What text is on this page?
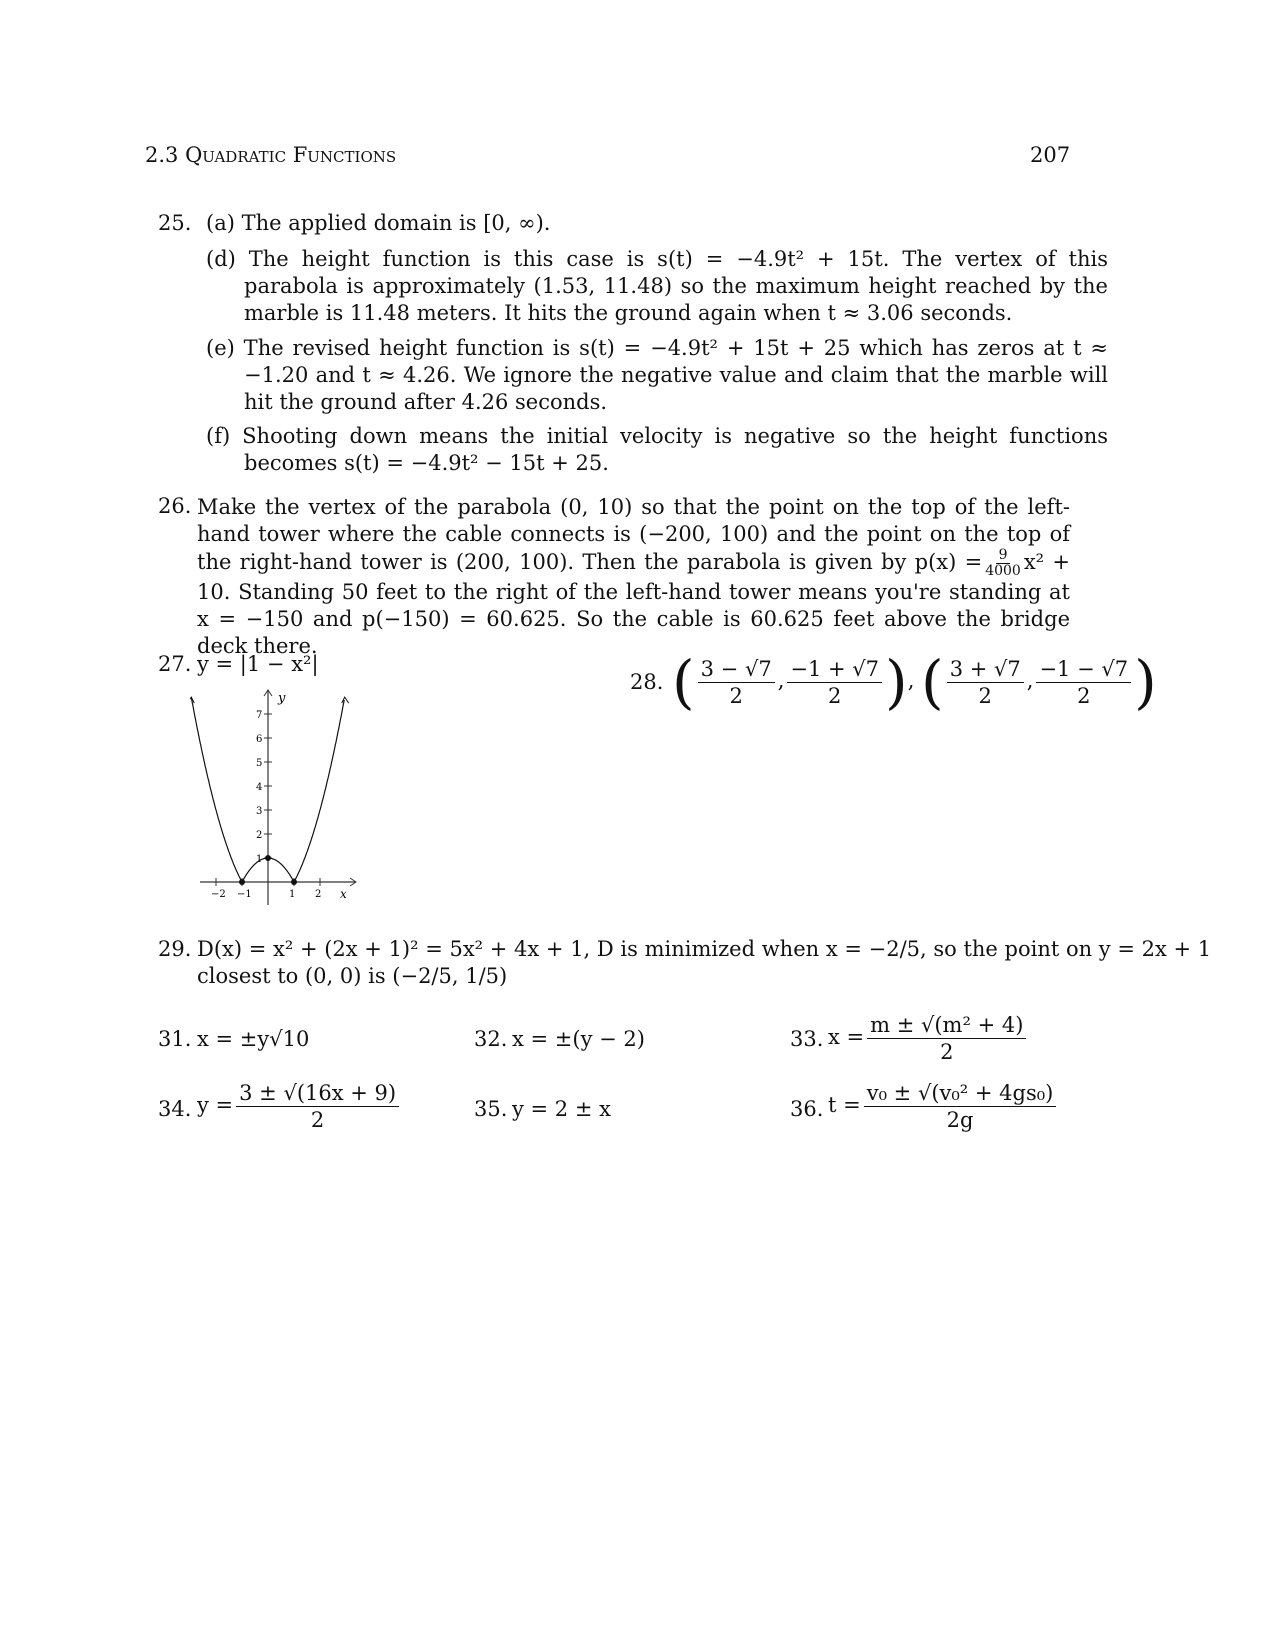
2.3 Quadratic Functions	207
25. (a) The applied domain is [0, ∞).
(d) The height function is this case is s(t) = −4.9t² + 15t. The vertex of this parabola is approximately (1.53, 11.48) so the maximum height reached by the marble is 11.48 meters. It hits the ground again when t ≈ 3.06 seconds.
(e) The revised height function is s(t) = −4.9t² + 15t + 25 which has zeros at t ≈ −1.20 and t ≈ 4.26. We ignore the negative value and claim that the marble will hit the ground after 4.26 seconds.
(f) Shooting down means the initial velocity is negative so the height functions becomes s(t) = −4.9t² − 15t + 25.
26. Make the vertex of the parabola (0, 10) so that the point on the top of the left-hand tower where the cable connects is (−200, 100) and the point on the top of the right-hand tower is (200, 100). Then the parabola is given by $p(x) = \frac{9}{4000} x^2 + 10$. Standing 50 feet to the right of the left-hand tower means you're standing at x = −150 and p(−150) = 60.625. So the cable is 60.625 feet above the bridge deck there.
27. y = |1 − x²|
x
y
−2 −1	1 2
1
2
3
4
5
6
7
28. ( $\frac{3 - √7}{2}$ , $\frac{-1 + √7}{2}$ ), ( $\frac{3 + √7}{2}$ , $\frac{-1 - √7}{2}$ )
29. D(x) = x² + (2x + 1)² = 5x² + 4x + 1, D is minimized when x = −2/5, so the point on y = 2x + 1
closest to (0, 0) is (−2/5, 1/5)
31. x = ±y√10	32. x = ±(y − 2)	33. $x = \frac{\text{m ± √(m² + 4)}}{2}$
34. $y = \frac{3 \pm √(16x + 9)}{2}$	35. y = 2 ± x	36. $t = \frac{\text{v₀ ± √(v₀² + 4gs₀)}}{2g}$
